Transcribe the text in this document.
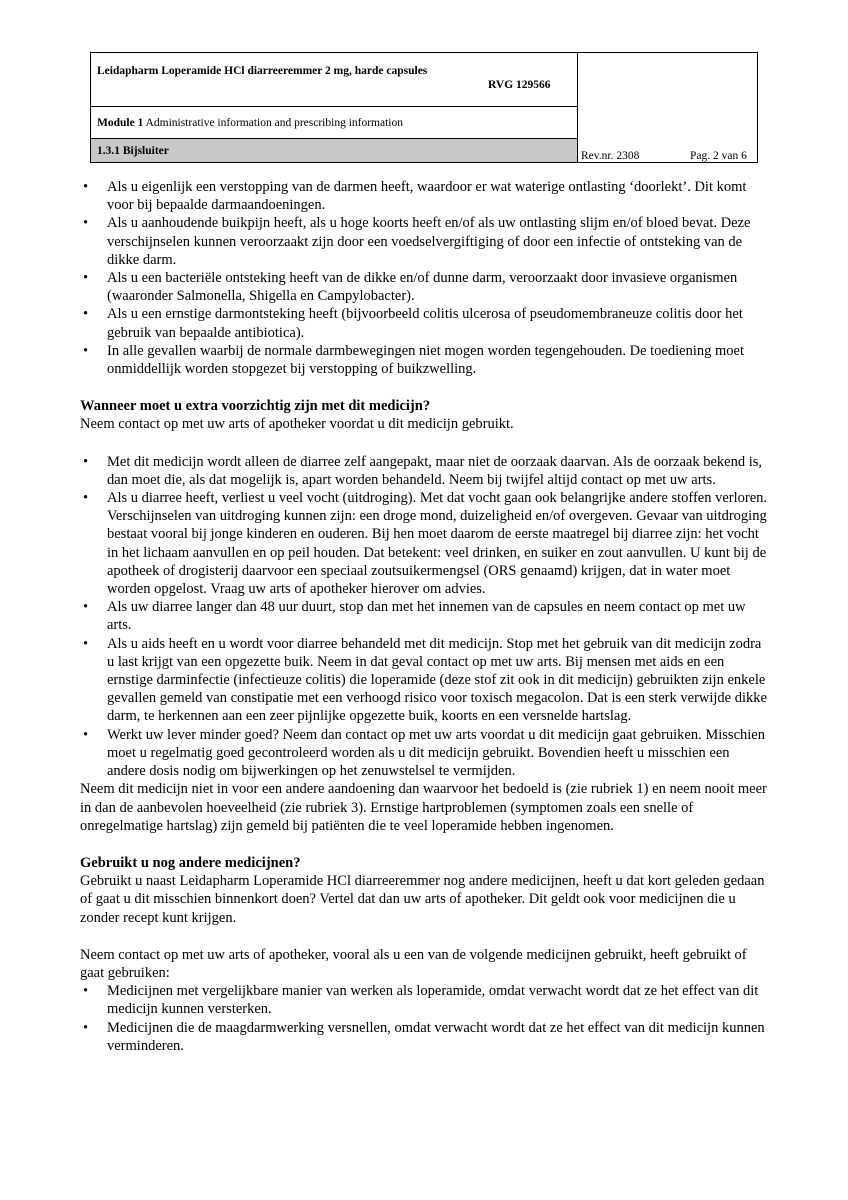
Leidapharm Loperamide HCl diarreeremmer 2 mg, harde capsules
RVG 129566
Module 1 Administrative information and prescribing information
1.3.1 Bijsluiter	Rev.nr. 2308	Pag. 2 van 6
• Als u eigenlijk een verstopping van de darmen heeft, waardoor er wat waterige ontlasting ‘doorlekt’. Dit komt voor bij bepaalde darmaandoeningen.
• Als u aanhoudende buikpijn heeft, als u hoge koorts heeft en/of als uw ontlasting slijm en/of bloed bevat. Deze verschijnselen kunnen veroorzaakt zijn door een voedselvergiftiging of door een infectie of ontsteking van de dikke darm.
• Als u een bacteriële ontsteking heeft van de dikke en/of dunne darm, veroorzaakt door invasieve organismen (waaronder Salmonella, Shigella en Campylobacter).
• Als u een ernstige darmontsteking heeft (bijvoorbeeld colitis ulcerosa of pseudomembraneuze colitis door het gebruik van bepaalde antibiotica).
• In alle gevallen waarbij de normale darmbewegingen niet mogen worden tegengehouden. De toediening moet onmiddellijk worden stopgezet bij verstopping of buikzwelling.

Wanneer moet u extra voorzichtig zijn met dit medicijn?

Neem contact op met uw arts of apotheker voordat u dit medicijn gebruikt.

• Met dit medicijn wordt alleen de diarree zelf aangepakt, maar niet de oorzaak daarvan. Als de oorzaak bekend is, dan moet die, als dat mogelijk is, apart worden behandeld. Neem bij twijfel altijd contact op met uw arts.
• Als u diarree heeft, verliest u veel vocht (uitdroging). Met dat vocht gaan ook belangrijke andere stoffen verloren. Verschijnselen van uitdroging kunnen zijn: een droge mond, duizeligheid en/of overgeven. Gevaar van uitdroging bestaat vooral bij jonge kinderen en ouderen. Bij hen moet daarom de eerste maatregel bij diarree zijn: het vocht in het lichaam aanvullen en op peil houden. Dat betekent: veel drinken, en suiker en zout aanvullen. U kunt bij de apotheek of drogisterij daarvoor een speciaal zoutsuikermengsel (ORS genaamd) krijgen, dat in water moet worden opgelost. Vraag uw arts of apotheker hierover om advies.
• Als uw diarree langer dan 48 uur duurt, stop dan met het innemen van de capsules en neem contact op met uw arts.
• Als u aids heeft en u wordt voor diarree behandeld met dit medicijn. Stop met het gebruik van dit medicijn zodra u last krijgt van een opgezette buik. Neem in dat geval contact op met uw arts. Bij mensen met aids en een ernstige darminfectie (infectieuze colitis) die loperamide (deze stof zit ook in dit medicijn) gebruikten zijn enkele gevallen gemeld van constipatie met een verhoogd risico voor toxisch megacolon. Dat is een sterk verwijde dikke darm, te herkennen aan een zeer pijnlijke opgezette buik, koorts en een versnelde hartslag.
• Werkt uw lever minder goed? Neem dan contact op met uw arts voordat u dit medicijn gaat gebruiken. Misschien moet u regelmatig goed gecontroleerd worden als u dit medicijn gebruikt. Bovendien heeft u misschien een andere dosis nodig om bijwerkingen op het zenuwstelsel te vermijden.

Neem dit medicijn niet in voor een andere aandoening dan waarvoor het bedoeld is (zie rubriek 1) en neem nooit meer in dan de aanbevolen hoeveelheid (zie rubriek 3). Ernstige hartproblemen (symptomen zoals een snelle of onregelmatige hartslag) zijn gemeld bij patiënten die te veel loperamide hebben ingenomen.

Gebruikt u nog andere medicijnen?

Gebruikt u naast Leidapharm Loperamide HCl diarreeremmer nog andere medicijnen, heeft u dat kort geleden gedaan of gaat u dit misschien binnenkort doen? Vertel dat dan uw arts of apotheker. Dit geldt ook voor medicijnen die u zonder recept kunt krijgen.

Neem contact op met uw arts of apotheker, vooral als u een van de volgende medicijnen gebruikt, heeft gebruikt of gaat gebruiken:

• Medicijnen met vergelijkbare manier van werken als loperamide, omdat verwacht wordt dat ze het effect van dit medicijn kunnen versterken.
• Medicijnen die de maagdarmwerking versnellen, omdat verwacht wordt dat ze het effect van dit medicijn kunnen verminderen.
